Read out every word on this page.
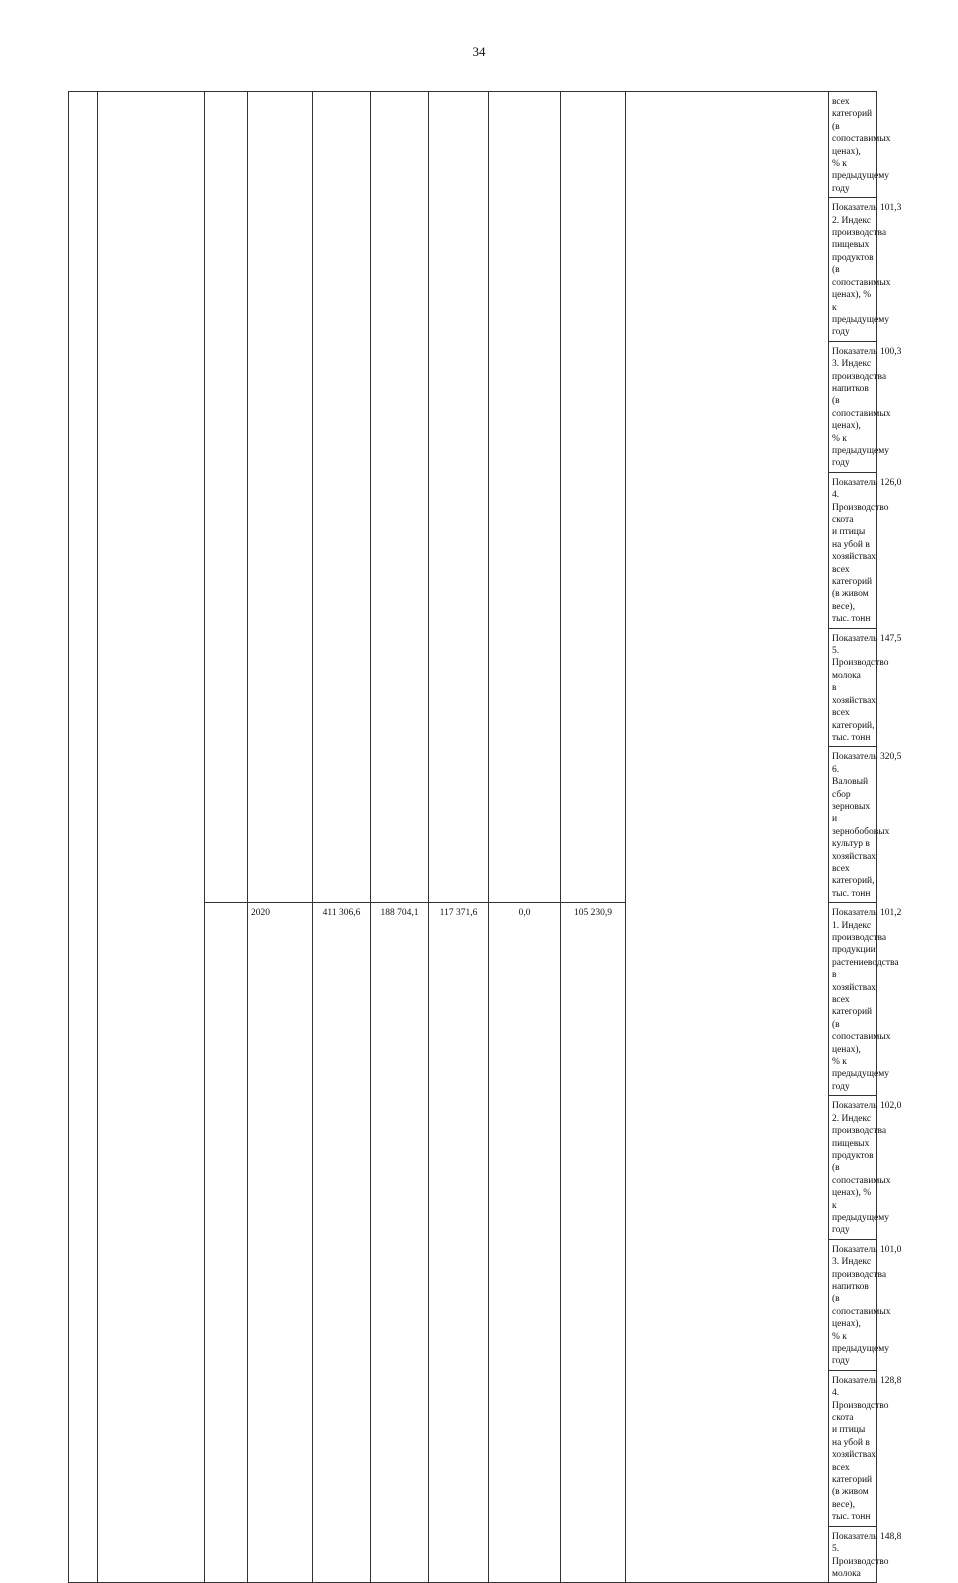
34
										всех категорий (в сопоставимых ценах),
% к предыдущему году	
										Показатель 2. Индекс производства
пищевых продуктов (в сопоставимых
ценах), % к предыдущему году	101,3
										Показатель 3. Индекс производства
напитков (в сопоставимых ценах),
% к предыдущему году	100,3
										Показатель 4. Производство скота
и птицы на убой в хозяйствах всех
категорий (в живом весе), тыс. тонн	126,0
										Показатель 5. Производство молока
в хозяйствах всех категорий, тыс. тонн	147,5
										Показатель 6. Валовый сбор зерновых
и зернобобовых культур в хозяйствах всех
категорий, тыс. тонн	320,5
			2020	411 306,6	188 704,1	117 371,6	0,0	105 230,9		Показатель 1. Индекс производства
продукции растениеводства в хозяйствах
всех категорий (в сопоставимых ценах),
% к предыдущему году	101,2
										Показатель 2. Индекс производства
пищевых продуктов (в сопоставимых
ценах), % к предыдущему году	102,0
										Показатель 3. Индекс производства
напитков (в сопоставимых ценах),
% к предыдущему году	101,0
										Показатель 4. Производство скота
и птицы на убой в хозяйствах всех
категорий (в живом весе), тыс. тонн	128,8
										Показатель 5. Производство молока	148,8
